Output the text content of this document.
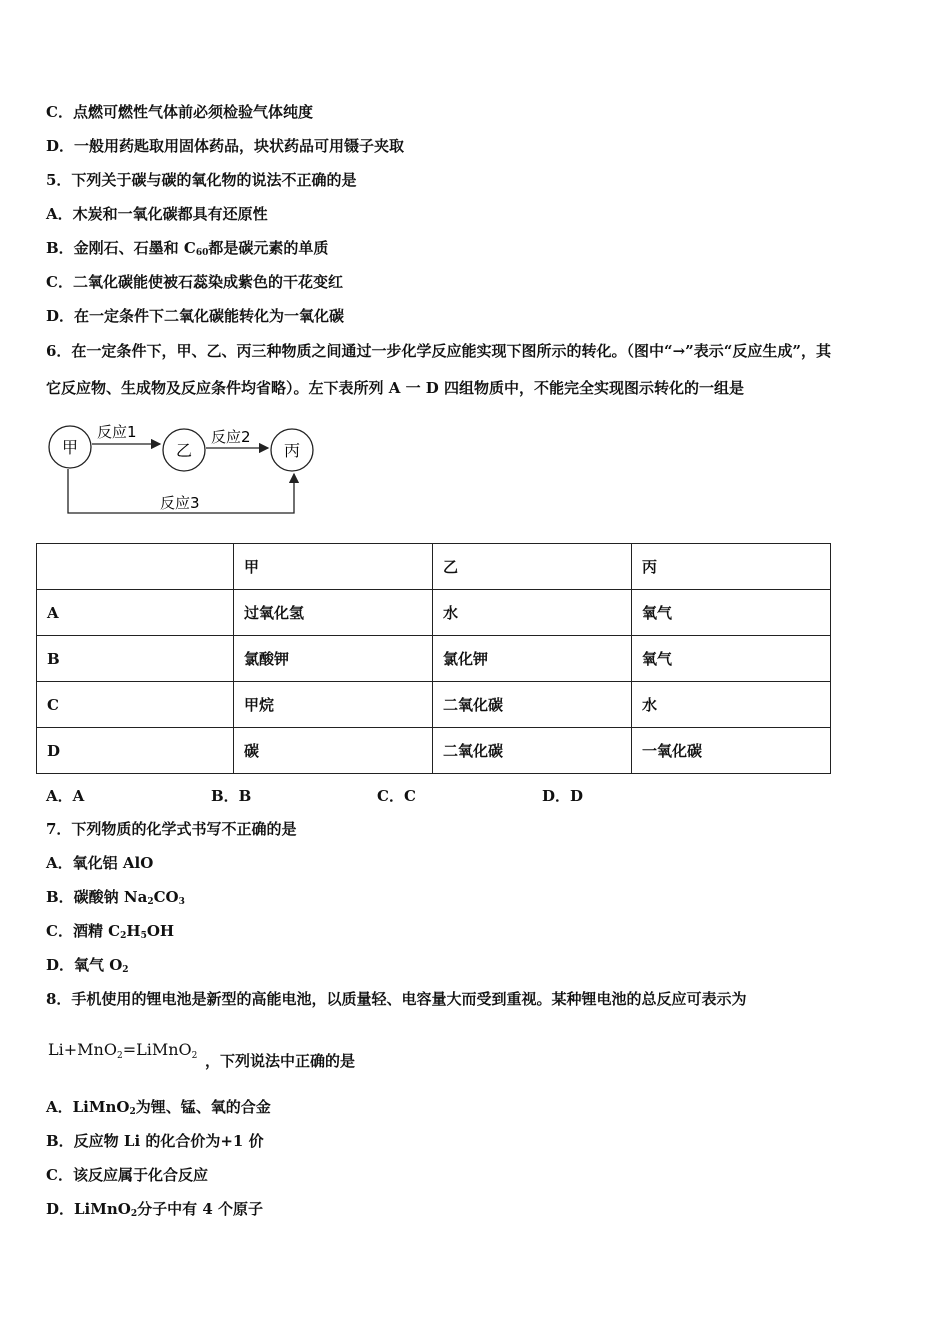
C．点燃可燃性气体前必须检验气体纯度
D．一般用药匙取用固体药品，块状药品可用镊子夹取
5．下列关于碳与碳的氧化物的说法不正确的是
A．木炭和一氧化碳都具有还原性
B．金刚石、石墨和 $C_{60}$都是碳元素的单质
C．二氧化碳能使被石蕊染成紫色的干花变红
D．在一定条件下二氧化碳能转化为一氧化碳
6．在一定条件下，甲、乙、丙三种物质之间通过一步化学反应能实现下图所示的转化。（图中“→”表示“反应生成”，其
它反应物、生成物及反应条件均省略）。左下表所列 A 一 D 四组物质中，不能完全实现图示转化的一组是
甲	乙	丙
反应1	反应2
反应3
	甲	乙	丙
A	过氧化氢	水	氧气
B	氯酸钾	氯化钾	氧气
C	甲烷	二氧化碳	水
D	碳	二氧化碳	一氧化碳
A．A	B．B	C．C	D．D
7．下列物质的化学式书写不正确的是
A．氧化铝 AlO
B．碳酸钠 $Na_2CO_3$
C．酒精 $C_2H_5OH$
D．氧气 $O_2$
8．手机使用的锂电池是新型的高能电池，以质量轻、电容量大而受到重视。某种锂电池的总反应可表示为
Li+MnO$_2$=LiMnO$_2$ ，下列说法中正确的是
A．LiMnO$_2$为锂、锰、氧的合金
B．反应物 Li 的化合价为+1 价
C．该反应属于化合反应
D．LiMnO$_2$分子中有 4 个原子
